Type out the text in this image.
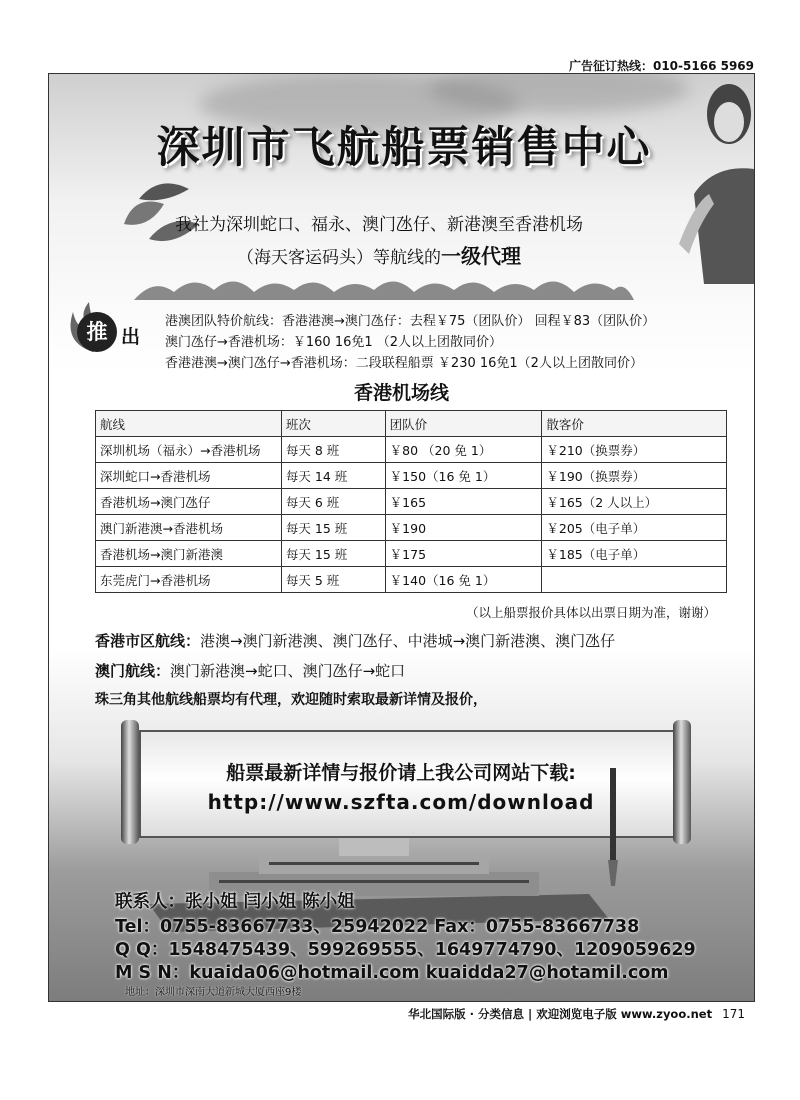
广告征订热线：010-5166 5969
深圳市飞航船票销售中心
我社为深圳蛇口、福永、澳门氹仔、新港澳至香港机场
（海天客运码头）等航线的一级代理
推 出
港澳团队特价航线：香港港澳→澳门氹仔：去程￥75（团队价） 回程￥83（团队价）
澳门氹仔→香港机场：￥160 16免1 （2人以上团散同价）
香港港澳→澳门氹仔→香港机场：二段联程船票 ￥230 16免1（2人以上团散同价）
香港机场线
航线	班次	团队价	散客价
深圳机场（福永）→香港机场	每天 8 班	￥80 （20 免 1）	￥210（换票券）
深圳蛇口→香港机场	每天 14 班	￥150（16 免 1）	￥190（换票券）
香港机场→澳门氹仔	每天 6 班	￥165	￥165（2 人以上）
澳门新港澳→香港机场	每天 15 班	￥190	￥205（电子单）
香港机场→澳门新港澳	每天 15 班	￥175	￥185（电子单）
东莞虎门→香港机场	每天 5 班	￥140（16 免 1）	
（以上船票报价具体以出票日期为准，谢谢）
香港市区航线：港澳→澳门新港澳、澳门氹仔、中港城→澳门新港澳、澳门氹仔
澳门航线：澳门新港澳→蛇口、澳门氹仔→蛇口
珠三角其他航线船票均有代理，欢迎随时索取最新详情及报价，
船票最新详情与报价请上我公司网站下载:
http://www.szfta.com/download
联系人：张小姐 闫小姐 陈小姐
Tel：0755-83667733、25942022 Fax：0755-83667738
Q Q：1548475439、599269555、1649774790、1209059629
M S N：kuaida06@hotmail.com kuaidda27@hotamil.com
地址：深圳市深南大道新城大厦西座9楼
华北国际版 · 分类信息 | 欢迎浏览电子版 www.zyoo.net 171
